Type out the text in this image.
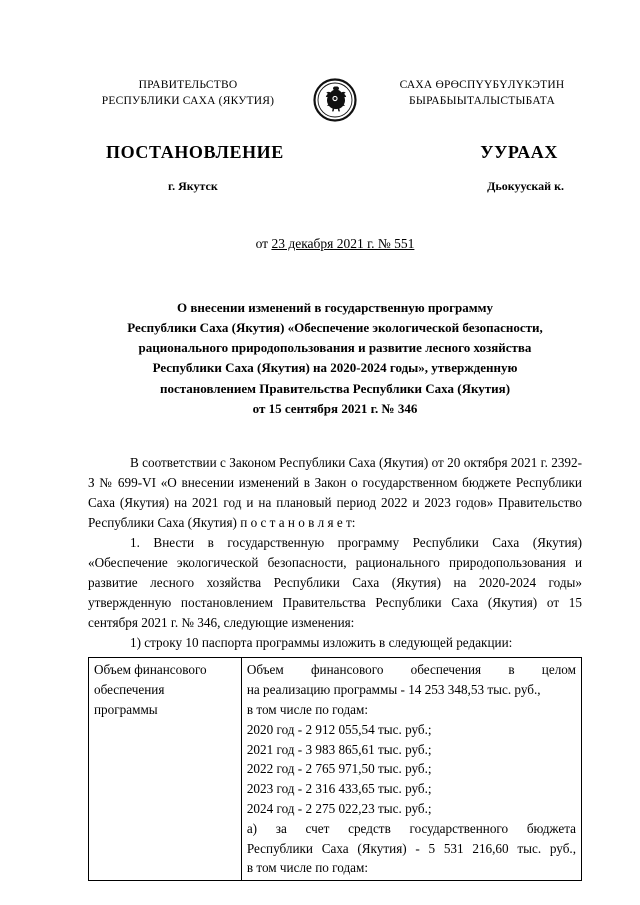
ПРАВИТЕЛЬСТВО
РЕСПУБЛИКИ САХА (ЯКУТИЯ)
САХА ӨРӨСПҮҮБҮЛҮКЭТИН
БЫРАБЫЫТАЛЫСТЫБАТА
ПОСТАНОВЛЕНИЕ	УУРААХ
г. Якутск	Дьокуускай к.
от 23 декабря 2021 г. № 551
О внесении изменений в государственную программу
Республики Саха (Якутия) «Обеспечение экологической безопасности,
рационального природопользования и развитие лесного хозяйства
Республики Саха (Якутия) на 2020-2024 годы», утвержденную
постановлением Правительства Республики Саха (Якутия)
от 15 сентября 2021 г. № 346

В соответствии с Законом Республики Саха (Якутия) от 20 октября 2021 г. 2392-З № 699-VI «О внесении изменений в Закон о государственном бюджете Республики Саха (Якутия) на 2021 год и на плановый период 2022 и 2023 годов» Правительство Республики Саха (Якутия) п о с т а н о в л я е т:

1. Внести в государственную программу Республики Саха (Якутия) «Обеспечение экологической безопасности, рационального природопользования и развитие лесного хозяйства Республики Саха (Якутия) на 2020-2024 годы» утвержденную постановлением Правительства Республики Саха (Якутия) от 15 сентября 2021 г. № 346, следующие изменения:

1) строку 10 паспорта программы изложить в следующей редакции:

Объем финансового
обеспечения
программы

Объем финансового обеспечения в целом
на реализацию программы - 14 253 348,53 тыс. руб.,
в том числе по годам:
2020 год - 2 912 055,54 тыс. руб.;
2021 год - 3 983 865,61 тыс. руб.;
2022 год - 2 765 971,50 тыс. руб.;
2023 год - 2 316 433,65 тыс. руб.;
2024 год - 2 275 022,23 тыс. руб.;
а) за счет средств государственного бюджета
Республики Саха (Якутия) - 5 531 216,60 тыс. руб.,
в том числе по годам:
